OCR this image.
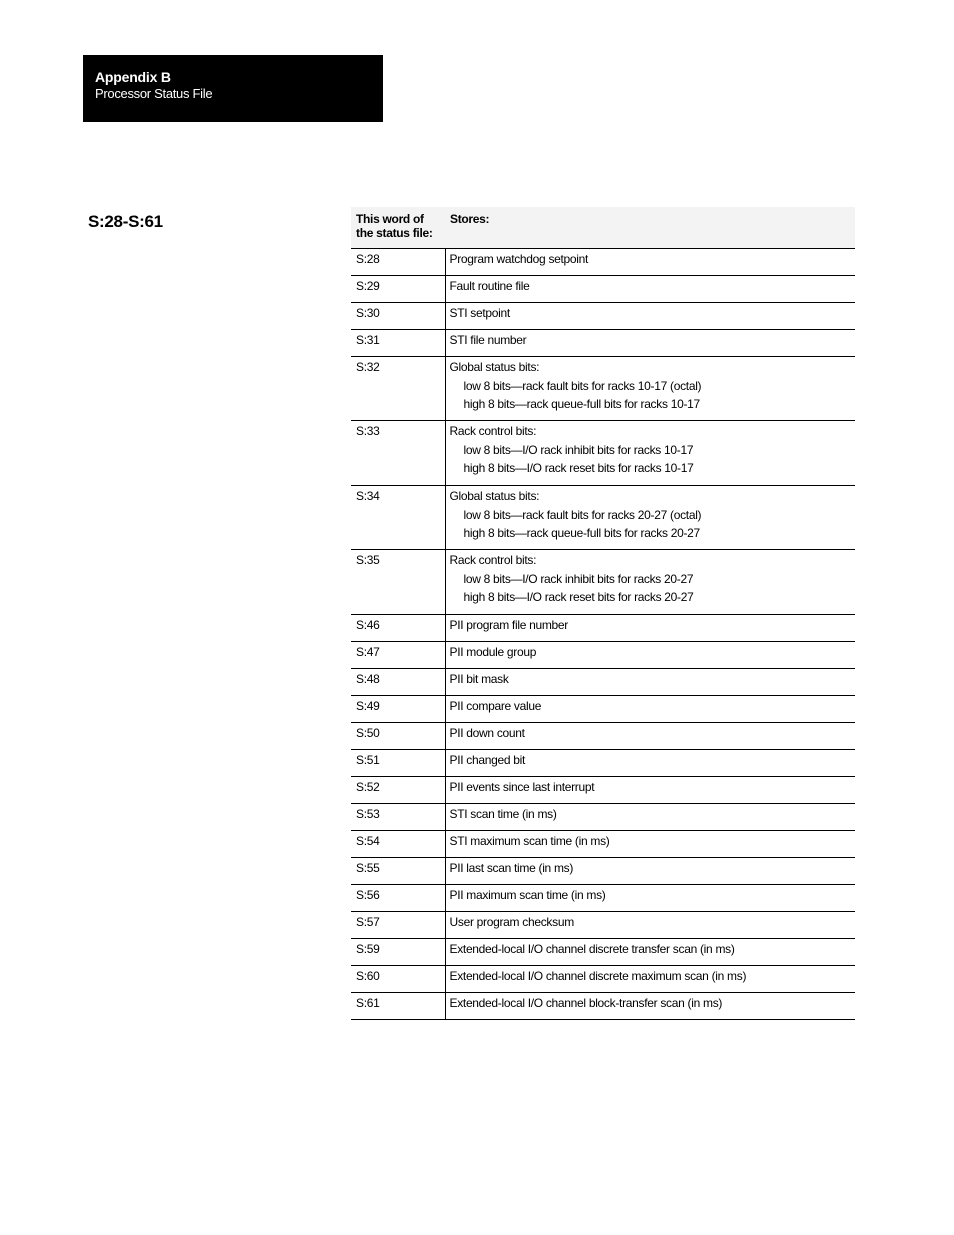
Appendix B
Processor Status File
S:28-S:61	This word of
the status file:	Stores:
S:28	Program watchdog setpoint
S:29	Fault routine file
S:30	STI setpoint
S:31	STI file number
S:32	Global status bits:
low 8 bits—rack fault bits for racks 10-17 (octal)
high 8 bits—rack queue-full bits for racks 10-17

S:33	Rack control bits:
low 8 bits—I/O rack inhibit bits for racks 10-17
high 8 bits—I/O rack reset bits for racks 10-17

S:34	Global status bits:
low 8 bits—rack fault bits for racks 20-27 (octal)
high 8 bits—rack queue-full bits for racks 20-27

S:35	Rack control bits:
low 8 bits—I/O rack inhibit bits for racks 20-27
high 8 bits—I/O rack reset bits for racks 20-27

S:46	PII program file number
S:47	PII module group
S:48	PII bit mask
S:49	PII compare value
S:50	PII down count
S:51	PII changed bit
S:52	PII events since last interrupt
S:53	STI scan time (in ms)
S:54	STI maximum scan time (in ms)
S:55	PII last scan time (in ms)
S:56	PII maximum scan time (in ms)
S:57	User program checksum
S:59	Extended-local I/O channel discrete transfer scan (in ms)
S:60	Extended-local I/O channel discrete maximum scan (in ms)
S:61	Extended-local I/O channel block-transfer scan (in ms)
